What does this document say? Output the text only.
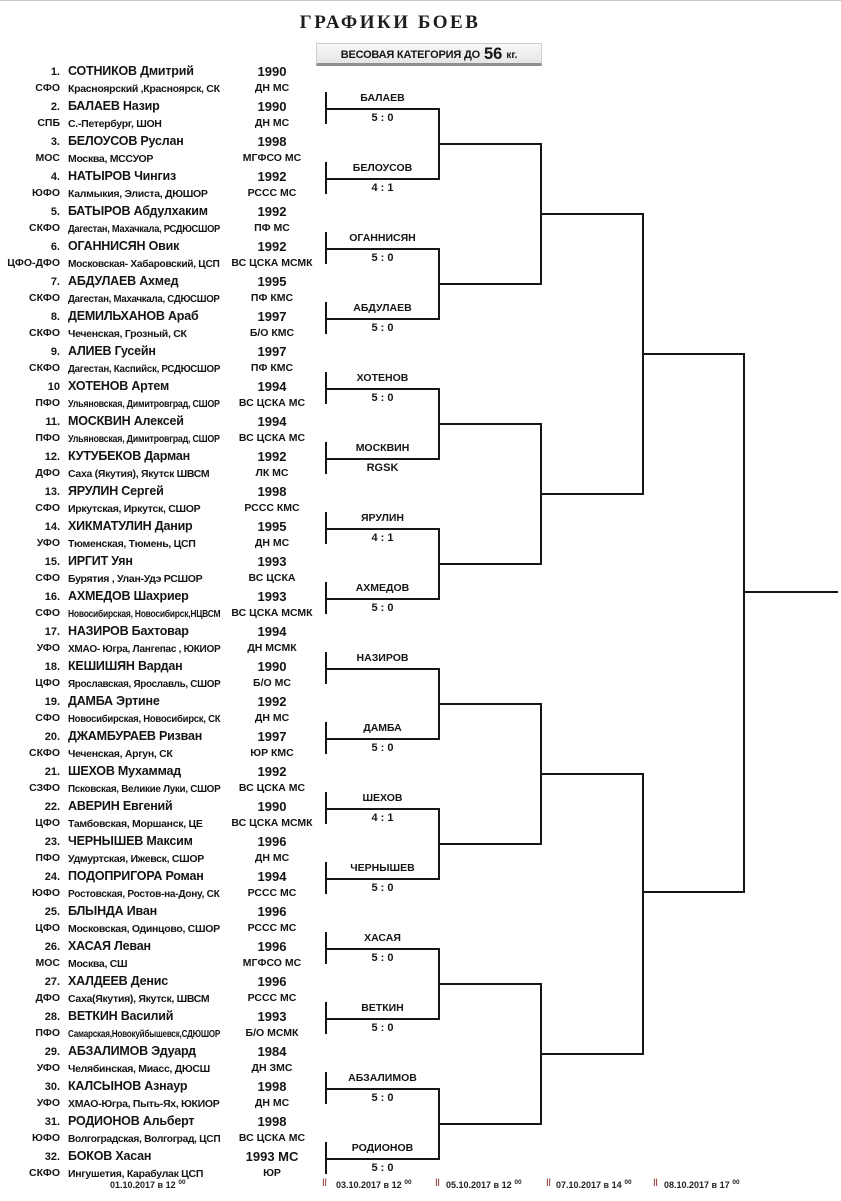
ГРАФИКИ БОЕВ
ВЕСОВАЯ КАТЕГОРИЯ ДО 56 кг.
1. СОТНИКОВ Дмитрий	1990
СФО Красноярский ,Красноярск, СК	ДН МС
2. БАЛАЕВ Назир	1990
СПБ С.-Петербург, ШОН	ДН МС
3. БЕЛОУСОВ Руслан	1998
МОС Москва, МССУОР	МГФСО МС
4. НАТЫРОВ Чингиз	1992
ЮФО Калмыкия, Элиста, ДЮШОР	РССС МС
5. БАТЫРОВ Абдулхаким	1992
СКФО Дагестан, Махачкала, РСДЮСШОР	ПФ МС
6. ОГАННИСЯН Овик	1992
ЦФО-ДФО Московская- Хабаровский, ЦСП	ВС ЦСКА МСМК
7. АБДУЛАЕВ Ахмед	1995
СКФО Дагестан, Махачкала, СДЮСШОР	ПФ КМС
8. ДЕМИЛЬХАНОВ Араб	1997
СКФО Чеченская, Грозный, СК	Б/О КМС
9. АЛИЕВ Гусейн	1997
СКФО Дагестан, Каспийск, РСДЮСШОР	ПФ КМС
10 ХОТЕНОВ Артем	1994
ПФО Ульяновская, Димитровград, СШОР	ВС ЦСКА МС
11. МОСКВИН Алексей	1994
ПФО Ульяновская, Димитровград, СШОР	ВС ЦСКА МС
12. КУТУБЕКОВ Дарман	1992
ДФО Саха (Якутия), Якутск ШВСМ	ЛК МС
13. ЯРУЛИН Сергей	1998
СФО Иркутская, Иркутск, СШОР	РССС КМС
14. ХИКМАТУЛИН Данир	1995
УФО Тюменская, Тюмень, ЦСП	ДН МС
15. ИРГИТ Уян	1993
СФО Бурятия , Улан-Удэ РСШОР	ВС ЦСКА
16. АХМЕДОВ Шахриер	1993
СФО Новосибирская, Новосибирск,НЦВСМ	ВС ЦСКА МСМК
17. НАЗИРОВ Бахтовар	1994
УФО ХМАО- Югра, Лангепас , ЮКИОР	ДН МСМК
18. КЕШИШЯН Вардан	1990
ЦФО Ярославская, Ярославль, СШОР	Б/О МС
19. ДАМБА Эртине	1992
СФО Новосибирская, Новосибирск, СК	ДН МС
20. ДЖАМБУРАЕВ Ризван	1997
СКФО Чеченская, Аргун, СК	ЮР КМС
21. ШЕХОВ Мухаммад	1992
СЗФО Псковская, Великие Луки, СШОР	ВС ЦСКА МС
22. АВЕРИН Евгений	1990
ЦФО Тамбовская, Моршанск, ЦЕ	ВС ЦСКА МСМК
23. ЧЕРНЫШЕВ Максим	1996
ПФО Удмуртская, Ижевск, СШОР	ДН МС
24. ПОДОПРИГОРА Роман	1994
ЮФО Ростовская, Ростов-на-Дону, СК	РССС МС
25. БЛЫНДА Иван	1996
ЦФО Московская, Одинцово, СШОР	РССС МС
26. ХАСАЯ Леван	1996
МОС Москва, СШ	МГФСО МС
27. ХАЛДЕЕВ Денис	1996
ДФО Саха(Якутия), Якутск, ШВСМ	РССС МС
28. ВЕТКИН Василий	1993
ПФО Самарская,Новокуйбышевск,СДЮШОР	Б/О МСМК
29. АБЗАЛИМОВ Эдуард	1984
УФО Челябинская, Миасс, ДЮСШ	ДН ЗМС
30. КАЛСЫНОВ Азнаур	1998
УФО ХМАО-Югра, Пыть-Ях, ЮКИОР	ДН МС
31. РОДИОНОВ Альберт	1998
ЮФО Волгоградская, Волгоград, ЦСП	ВС ЦСКА МС
32. БОКОВ Хасан	1993 МС
СКФО Ингушетия, Карабулак ЦСП	ЮР
БАЛАЕВ
5 : 0
БЕЛОУСОВ
4 : 1
ОГАННИСЯН
5 : 0
АБДУЛАЕВ
5 : 0
ХОТЕНОВ
5 : 0
МОСКВИН
RGSK
ЯРУЛИН
4 : 1
АХМЕДОВ
5 : 0
НАЗИРОВ
ДАМБА
5 : 0
ШЕХОВ
4 : 1
ЧЕРНЫШЕВ
5 : 0
ХАСАЯ
5 : 0
ВЕТКИН
5 : 0
АБЗАЛИМОВ
5 : 0
РОДИОНОВ
5 : 0
01.10.2017 в 12 $^{00}$	03.10.2017 в 12 $^{00}$	05.10.2017 в 12 $^{00}$	07.10.2017 в 14 $^{00}$	08.10.2017 в 17 $^{00}$
‖	‖	‖	‖
